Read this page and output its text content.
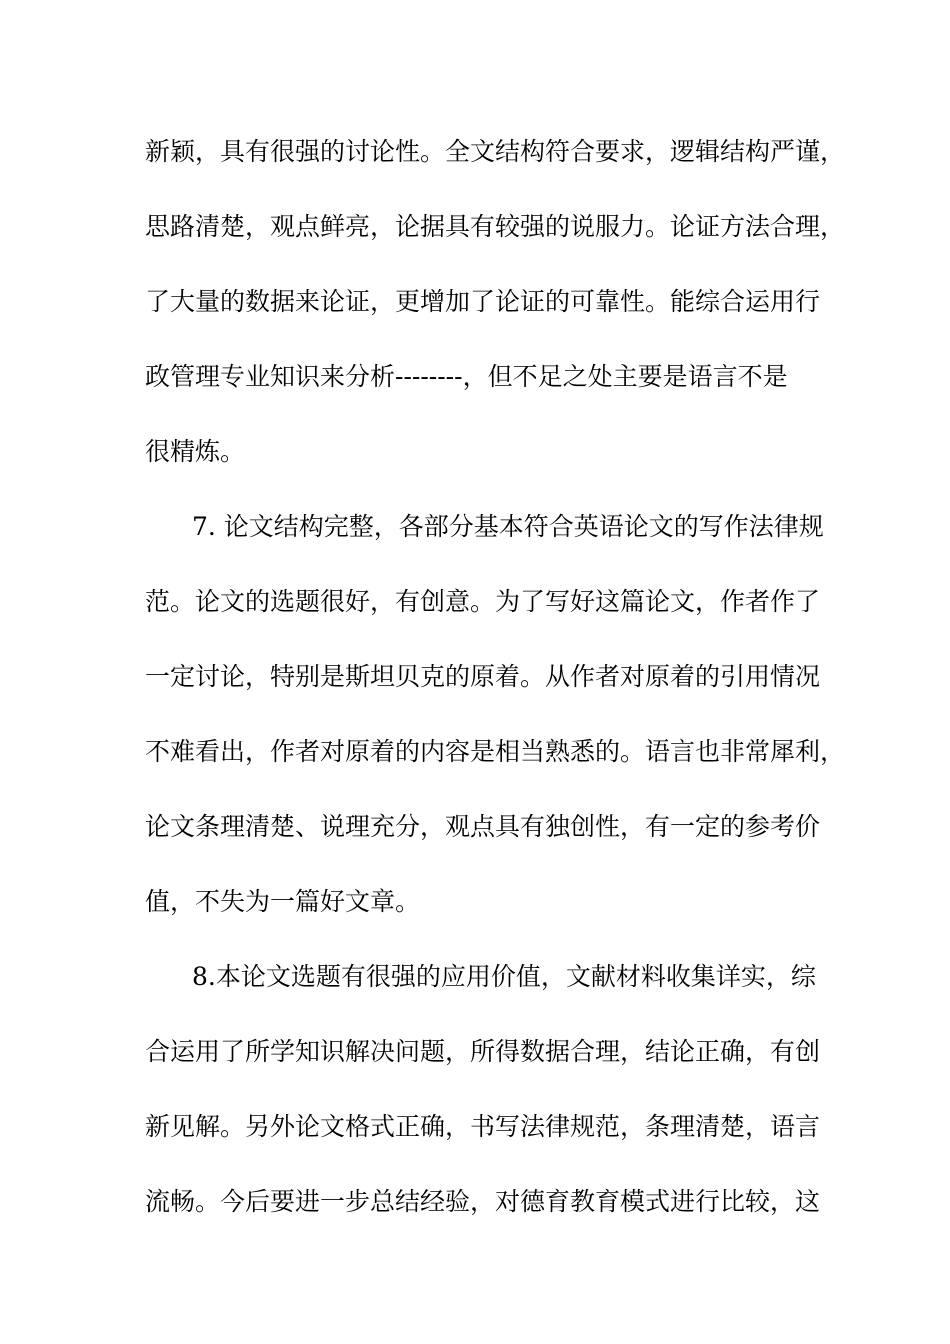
新颖，具有很强的讨论性。全文结构符合要求，逻辑结构严谨，
思路清楚，观点鲜亮，论据具有较强的说服力。论证方法合理，
了大量的数据来论证，更增加了论证的可靠性。能综合运用行
政管理专业知识来分析--------，但不足之处主要是语言不是
很精炼。
7. 论文结构完整，各部分基本符合英语论文的写作法律规
范。论文的选题很好，有创意。为了写好这篇论文，作者作了
一定讨论，特别是斯坦贝克的原着。从作者对原着的引用情况
不难看出，作者对原着的内容是相当熟悉的。语言也非常犀利，
论文条理清楚、说理充分，观点具有独创性，有一定的参考价
值，不失为一篇好文章。
8.本论文选题有很强的应用价值，文献材料收集详实，综
合运用了所学知识解决问题，所得数据合理，结论正确，有创
新见解。另外论文格式正确，书写法律规范，条理清楚，语言
流畅。今后要进一步总结经验，对德育教育模式进行比较，这
